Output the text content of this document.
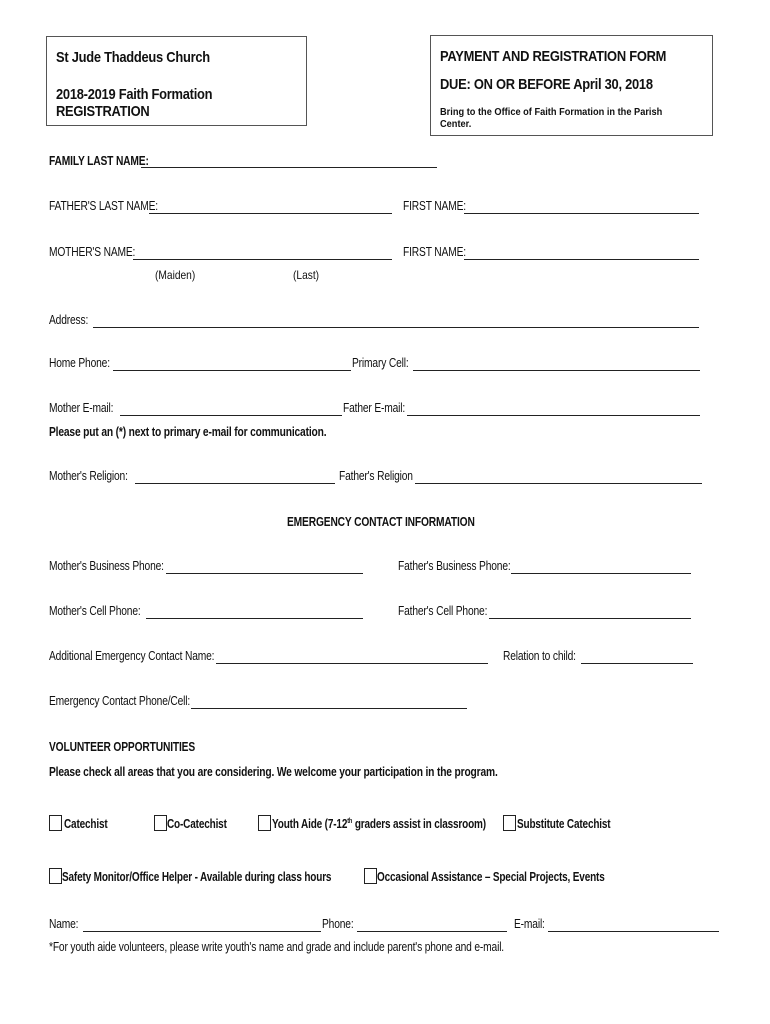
St Jude Thaddeus Church
2018-2019 Faith Formation REGISTRATION
PAYMENT AND REGISTRATION FORM
DUE: ON OR BEFORE April 30, 2018
Bring to the Office of Faith Formation in the Parish Center.
FAMILY LAST NAME:
FATHER'S LAST NAME:	FIRST NAME:
MOTHER'S NAME:	FIRST NAME:
(Maiden)	(Last)
Address:
Home Phone:	Primary Cell:
Mother E-mail:	Father E-mail:
Please put an (*) next to primary e-mail for communication.
Mother's Religion:	Father's Religion
EMERGENCY CONTACT INFORMATION
Mother's Business Phone:	Father's Business Phone:
Mother's Cell Phone:	Father's Cell Phone:
Additional Emergency Contact Name:	Relation to child:
Emergency Contact Phone/Cell:
VOLUNTEER OPPORTUNITIES
Please check all areas that you are considering. We welcome your participation in the program.
Catechist	Co-Catechist	Youth Aide (7-12th graders assist in classroom) Substitute Catechist
Safety Monitor/Office Helper - Available during class hours	Occasional Assistance – Special Projects, Events
Name:	Phone:	E-mail:
*For youth aide volunteers, please write youth's name and grade and include parent's phone and e-mail.
